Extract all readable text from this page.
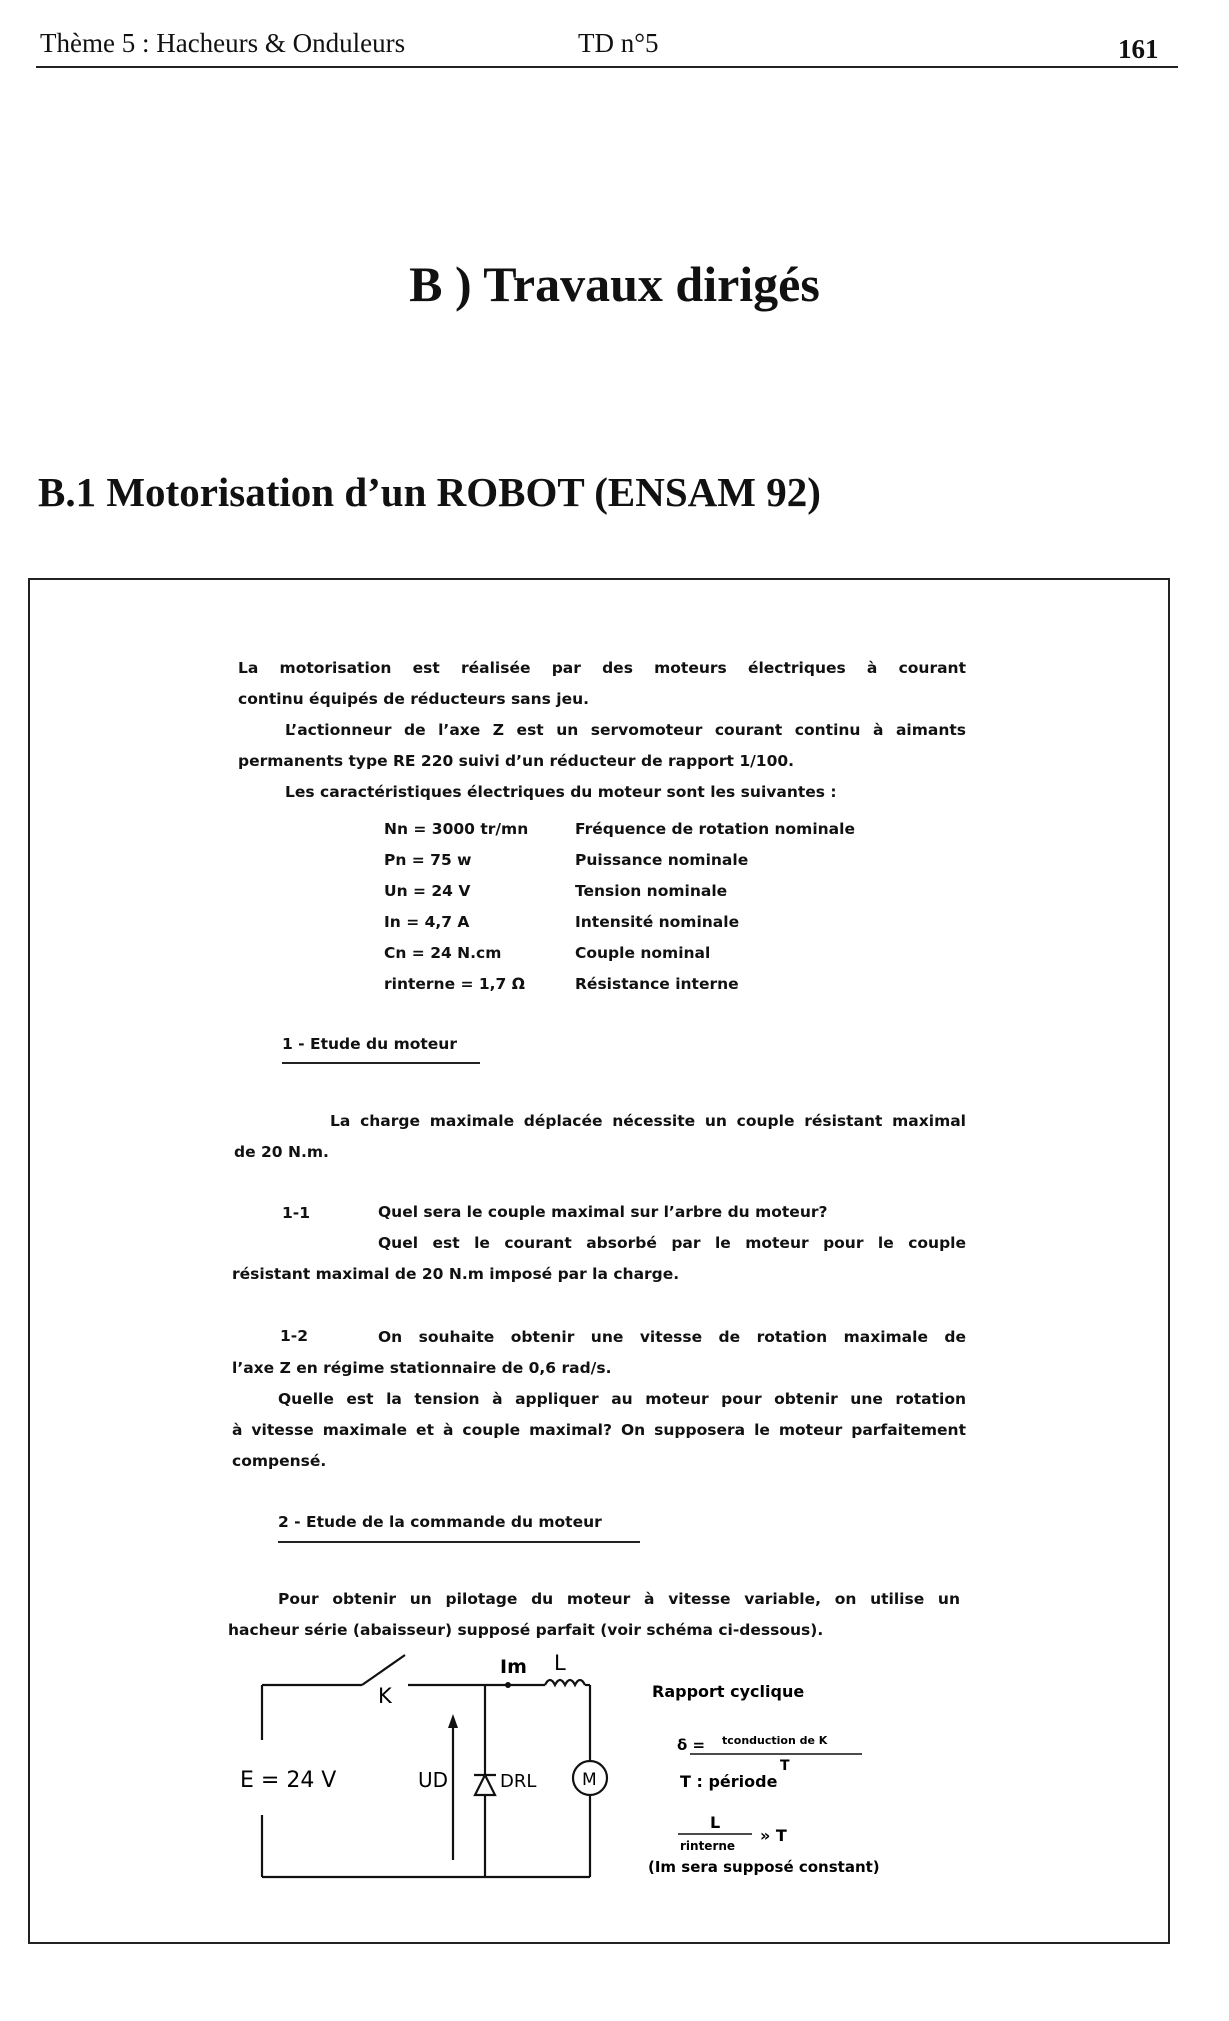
Thème 5 : Hacheurs & Onduleurs	TD n°5	161
B ) Travaux dirigés
B.1 Motorisation d’un ROBOT (ENSAM 92)
La motorisation est réalisée par des moteurs électriques à courant
continu équipés de réducteurs sans jeu.
L’actionneur de l’axe Z est un servomoteur courant continu à aimants
permanents type RE 220 suivi d’un réducteur de rapport 1/100.
Les caractéristiques électriques du moteur sont les suivantes :
Nn = 3000 tr/mn	Fréquence de rotation nominale
Pn = 75 w	Puissance nominale
Un = 24 V	Tension nominale
In = 4,7 A	Intensité nominale
Cn = 24 N.cm	Couple nominal
rinterne = 1,7 Ω	Résistance interne
1 - Etude du moteur
La charge maximale déplacée nécessite un couple résistant maximal
de 20 N.m.
1-1	Quel sera le couple maximal sur l’arbre du moteur?
Quel est le courant absorbé par le moteur pour le couple
résistant maximal de 20 N.m imposé par la charge.
1-2	On souhaite obtenir une vitesse de rotation maximale de
l’axe Z en régime stationnaire de 0,6 rad/s.
Quelle est la tension à appliquer au moteur pour obtenir une rotation
à vitesse maximale et à couple maximal? On supposera le moteur parfaitement
compensé.
2 - Etude de la commande du moteur
Pour obtenir un pilotage du moteur à vitesse variable, on utilise un
hacheur série (abaisseur) supposé parfait (voir schéma ci-dessous).
K
Im L
E = 24 V	UD	DRL	M
Rapport cyclique
δ = tconduction de K
T
T : période
L
rinterne
» T
(Im sera supposé constant)
